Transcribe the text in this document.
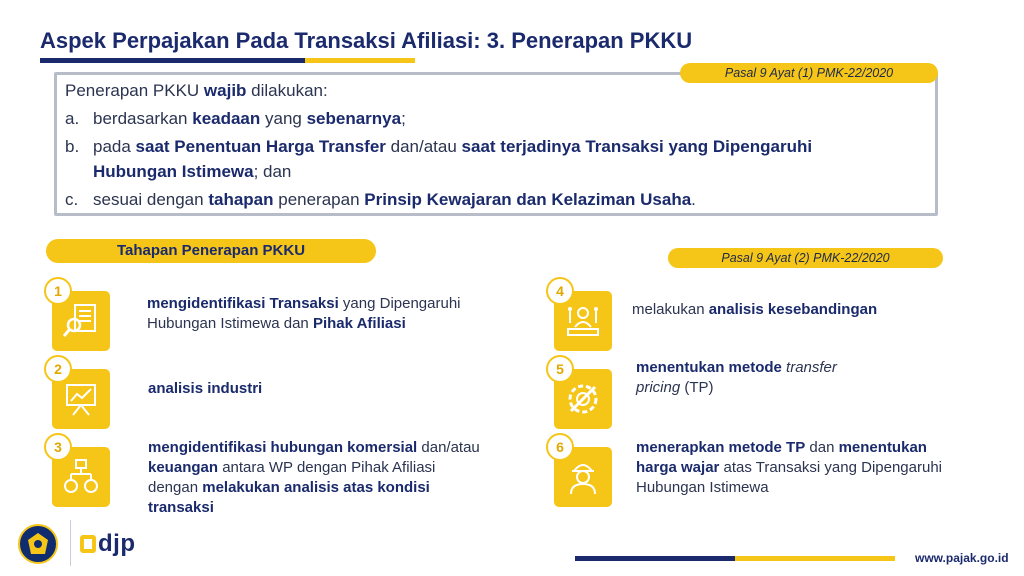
Aspek Perpajakan Pada Transaksi Afiliasi: 3. Penerapan PKKU
Penerapan PKKU wajib dilakukan:
a. berdasarkan keadaan yang sebenarnya;
b. pada saat Penentuan Harga Transfer dan/atau saat terjadinya Transaksi yang Dipengaruhi
Hubungan Istimewa; dan
c. sesuai dengan tahapan penerapan Prinsip Kewajaran dan Kelaziman Usaha.
Pasal 9 Ayat (1) PMK-22/2020
Tahapan Penerapan PKKU	Pasal 9 Ayat (2) PMK-22/2020
1
mengidentifikasi Transaksi yang Dipengaruhi
Hubungan Istimewa dan Pihak Afiliasi
2
analisis industri
3	mengidentifikasi hubungan komersial dan/atau
keuangan antara WP dengan Pihak Afiliasi
dengan melakukan analisis atas kondisi
transaksi
4
melakukan analisis kesebandingan
5	menentukan metode transfer
pricing (TP)
6	menerapkan metode TP dan menentukan
harga wajar atas Transaksi yang Dipengaruhi
Hubungan Istimewa
djp
www.pajak.go.id
